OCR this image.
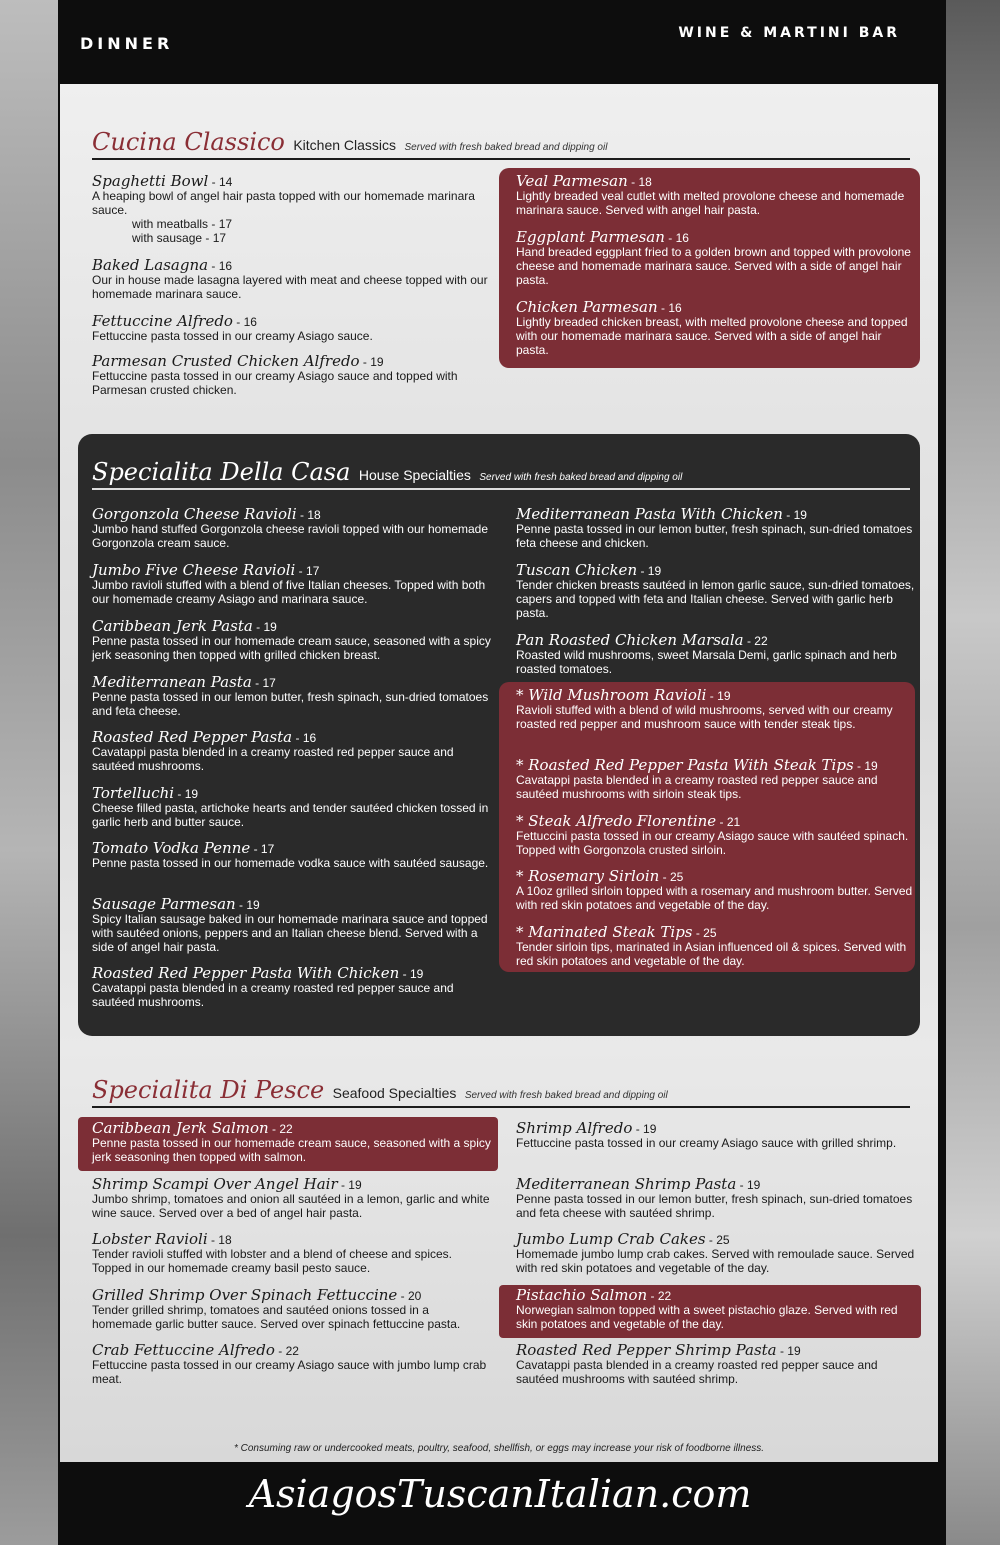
DINNER
WINE & MARTINI BAR
Cucina Classico Kitchen Classics Served with fresh baked bread and dipping oil
Spaghetti Bowl - 14
A heaping bowl of angel hair pasta topped with our homemade marinara sauce.
with meatballs - 17
with sausage - 17
Baked Lasagna - 16
Our in house made lasagna layered with meat and cheese topped with our homemade marinara sauce.
Fettuccine Alfredo - 16
Fettuccine pasta tossed in our creamy Asiago sauce.
Parmesan Crusted Chicken Alfredo - 19
Fettuccine pasta tossed in our creamy Asiago sauce and topped with Parmesan crusted chicken.
Veal Parmesan - 18
Lightly breaded veal cutlet with melted provolone cheese and homemade marinara sauce. Served with angel hair pasta.
Eggplant Parmesan - 16
Hand breaded eggplant fried to a golden brown and topped with provolone cheese and homemade marinara sauce. Served with a side of angel hair pasta.
Chicken Parmesan - 16
Lightly breaded chicken breast, with melted provolone cheese and topped with our homemade marinara sauce. Served with a side of angel hair pasta.
Specialita Della Casa House Specialties Served with fresh baked bread and dipping oil
Gorgonzola Cheese Ravioli - 18
Jumbo hand stuffed Gorgonzola cheese ravioli topped with our homemade Gorgonzola cream sauce.
Jumbo Five Cheese Ravioli - 17
Jumbo ravioli stuffed with a blend of five Italian cheeses. Topped with both our homemade creamy Asiago and marinara sauce.
Caribbean Jerk Pasta - 19
Penne pasta tossed in our homemade cream sauce, seasoned with a spicy jerk seasoning then topped with grilled chicken breast.
Mediterranean Pasta - 17
Penne pasta tossed in our lemon butter, fresh spinach, sun-dried tomatoes and feta cheese.
Roasted Red Pepper Pasta - 16
Cavatappi pasta blended in a creamy roasted red pepper sauce and sautéed mushrooms.
Tortelluchi - 19
Cheese filled pasta, artichoke hearts and tender sautéed chicken tossed in garlic herb and butter sauce.
Tomato Vodka Penne - 17
Penne pasta tossed in our homemade vodka sauce with sautéed sausage.
Sausage Parmesan - 19
Spicy Italian sausage baked in our homemade marinara sauce and topped with sautéed onions, peppers and an Italian cheese blend. Served with a side of angel hair pasta.
Roasted Red Pepper Pasta With Chicken - 19
Cavatappi pasta blended in a creamy roasted red pepper sauce and sautéed mushrooms.
Mediterranean Pasta With Chicken - 19
Penne pasta tossed in our lemon butter, fresh spinach, sun-dried tomatoes feta cheese and chicken.
Tuscan Chicken - 19
Tender chicken breasts sautéed in lemon garlic sauce, sun-dried tomatoes, capers and topped with feta and Italian cheese. Served with garlic herb pasta.
Pan Roasted Chicken Marsala - 22
Roasted wild mushrooms, sweet Marsala Demi, garlic spinach and herb roasted tomatoes.
* Wild Mushroom Ravioli - 19
Ravioli stuffed with a blend of wild mushrooms, served with our creamy roasted red pepper and mushroom sauce with tender steak tips.
* Roasted Red Pepper Pasta With Steak Tips - 19
Cavatappi pasta blended in a creamy roasted red pepper sauce and sautéed mushrooms with sirloin steak tips.
* Steak Alfredo Florentine - 21
Fettuccini pasta tossed in our creamy Asiago sauce with sautéed spinach. Topped with Gorgonzola crusted sirloin.
* Rosemary Sirloin - 25
A 10oz grilled sirloin topped with a rosemary and mushroom butter. Served with red skin potatoes and vegetable of the day.
* Marinated Steak Tips - 25
Tender sirloin tips, marinated in Asian influenced oil & spices. Served with red skin potatoes and vegetable of the day.
Specialita Di Pesce Seafood Specialties Served with fresh baked bread and dipping oil
Caribbean Jerk Salmon - 22
Penne pasta tossed in our homemade cream sauce, seasoned with a spicy jerk seasoning then topped with salmon.
Shrimp Scampi Over Angel Hair - 19
Jumbo shrimp, tomatoes and onion all sautéed in a lemon, garlic and white wine sauce. Served over a bed of angel hair pasta.
Lobster Ravioli - 18
Tender ravioli stuffed with lobster and a blend of cheese and spices. Topped in our homemade creamy basil pesto sauce.
Grilled Shrimp Over Spinach Fettuccine - 20
Tender grilled shrimp, tomatoes and sautéed onions tossed in a homemade garlic butter sauce. Served over spinach fettuccine pasta.
Crab Fettuccine Alfredo - 22
Fettuccine pasta tossed in our creamy Asiago sauce with jumbo lump crab meat.
Shrimp Alfredo - 19
Fettuccine pasta tossed in our creamy Asiago sauce with grilled shrimp.
Mediterranean Shrimp Pasta - 19
Penne pasta tossed in our lemon butter, fresh spinach, sun-dried tomatoes and feta cheese with sautéed shrimp.
Jumbo Lump Crab Cakes - 25
Homemade jumbo lump crab cakes. Served with remoulade sauce. Served with red skin potatoes and vegetable of the day.
Pistachio Salmon - 22
Norwegian salmon topped with a sweet pistachio glaze. Served with red skin potatoes and vegetable of the day.
Roasted Red Pepper Shrimp Pasta - 19
Cavatappi pasta blended in a creamy roasted red pepper sauce and sautéed mushrooms with sautéed shrimp.
* Consuming raw or undercooked meats, poultry, seafood, shellfish, or eggs may increase your risk of foodborne illness.
AsiagosTuscanItalian.com
